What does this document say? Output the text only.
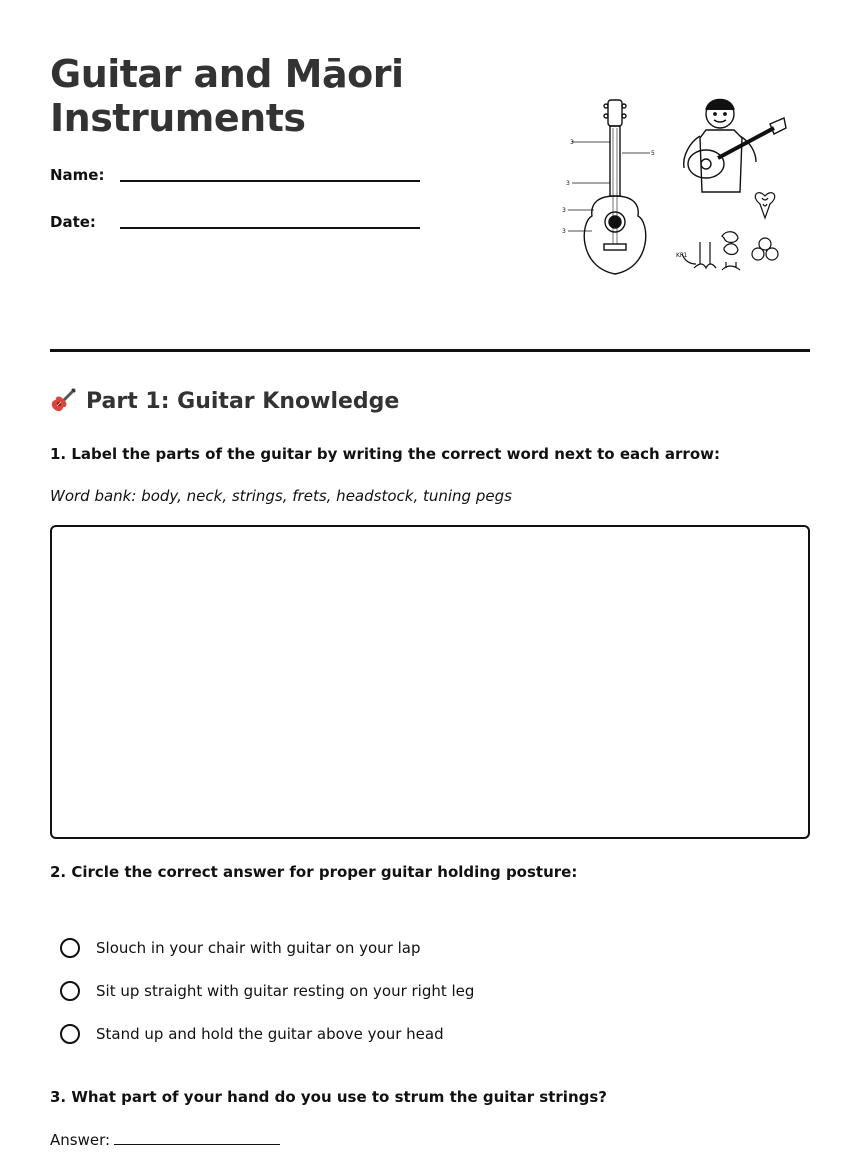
Guitar and Māori
Instruments
Name:
Date:
3
3
3
3
5
KP1
Part 1: Guitar Knowledge

1. Label the parts of the guitar by writing the correct word next to each arrow:

Word bank: body, neck, strings, frets, headstock, tuning pegs

2. Circle the correct answer for proper guitar holding posture:

Slouch in your chair with guitar on your lap
Sit up straight with guitar resting on your right leg
Stand up and hold the guitar above your head

3. What part of your hand do you use to strum the guitar strings?

Answer:
